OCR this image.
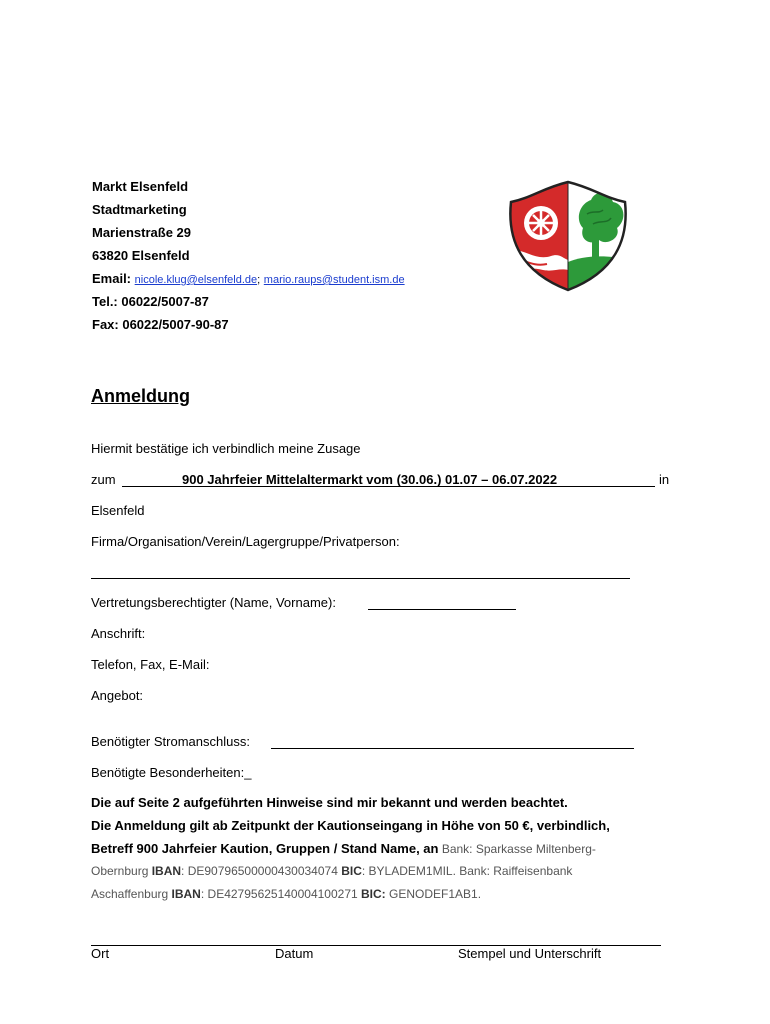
Markt Elsenfeld
Stadtmarketing
Marienstraße 29
63820 Elsenfeld
Email: nicole.klug@elsenfeld.de; mario.raups@student.ism.de
Tel.: 06022/5007-87
Fax: 06022/5007-90-87
Anmeldung
Hiermit bestätige ich verbindlich meine Zusage
zum	900 Jahrfeier Mittelaltermarkt vom (30.06.) 01.07 – 06.07.2022	in
Elsenfeld
Firma/Organisation/Verein/Lagergruppe/Privatperson:
Vertretungsberechtigter (Name, Vorname):
Anschrift:
Telefon, Fax, E-Mail:
Angebot:
Benötigter Stromanschluss:
Benötigte Besonderheiten:_
Die auf Seite 2 aufgeführten Hinweise sind mir bekannt und werden beachtet.
Die Anmeldung gilt ab Zeitpunkt der Kautionseingang in Höhe von 50 €, verbindlich,
Betreff 900 Jahrfeier Kaution, Gruppen / Stand Name, an Bank: Sparkasse Miltenberg-
Obernburg IBAN: DE90796500000430034074 BIC: BYLADEM1MIL. Bank: Raiffeisenbank
Aschaffenburg IBAN: DE42795625140004100271 BIC: GENODEF1AB1.
Ort	Datum	Stempel und Unterschrift
